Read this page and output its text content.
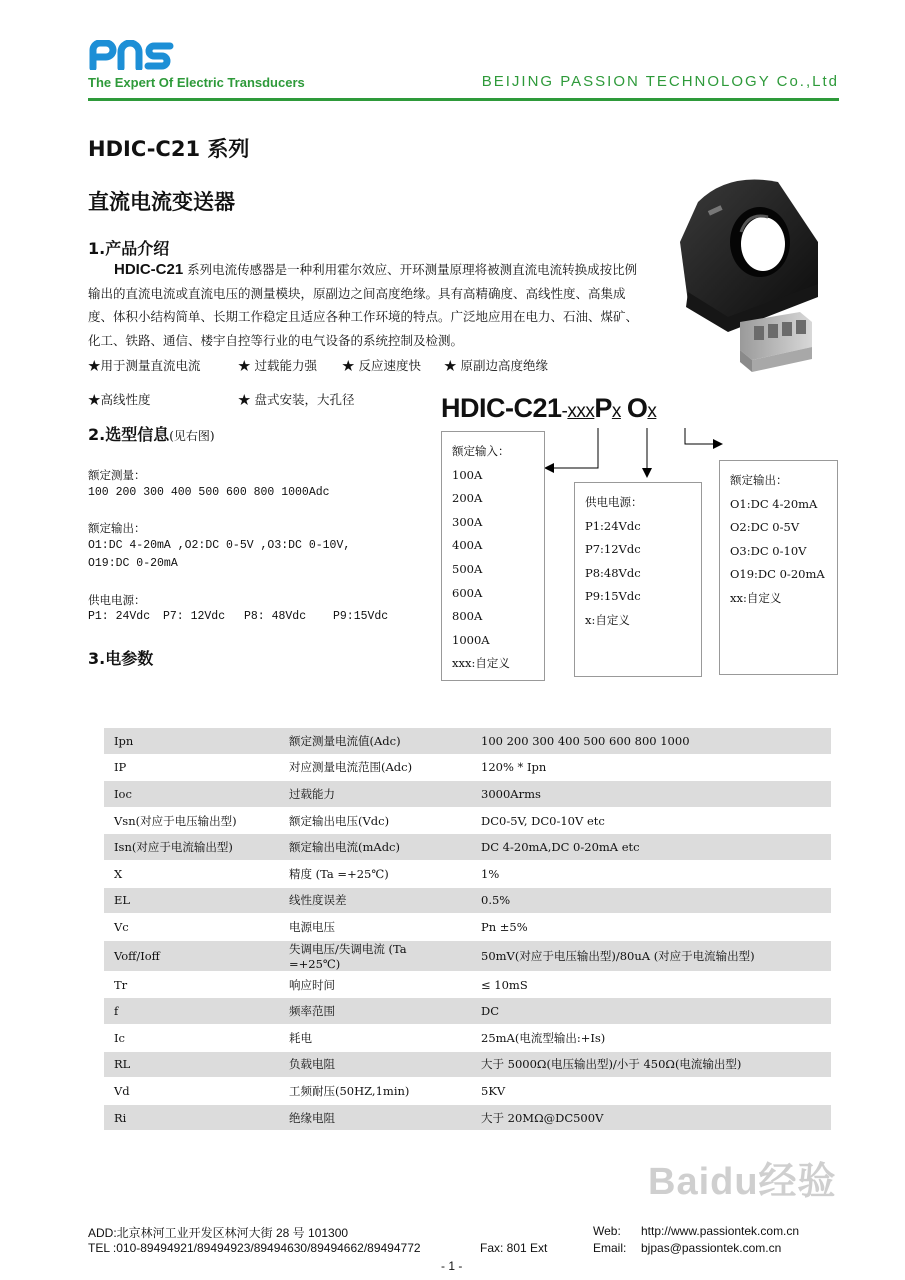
The Expert Of Electric Transducers	BEIJING PASSION TECHNOLOGY Co.,Ltd
HDIC-C21 系列
直流电流变送器
1.产品介绍
HDIC-C21 系列电流传感器是一种利用霍尔效应、开环测量原理将被测直流电流转换成按比例输出的直流电流或直流电压的测量模块，原副边之间高度绝缘。具有高精确度、高线性度、高集成度、体积小结构简单、长期工作稳定且适应各种工作环境的特点。广泛地应用在电力、石油、煤矿、化工、铁路、通信、楼宇自控等行业的电气设备的系统控制及检测。
★用于测量直流电流	★ 过载能力强 ★ 反应速度快 ★ 原副边高度绝缘
★高线性度	★ 盘式安装，大孔径
2.选型信息(见右图)
额定测量：
100 200 300 400 500 600 800 1000Adc
额定输出：
O1:DC 4-20mA ,O2:DC 0-5V ,O3:DC 0-10V,
O19:DC 0-20mA
供电电源：
P1: 24Vdc P7: 12Vdc P8: 48Vdc P9:15Vdc
HDIC-C21-xxxPx Ox
额定输入：
100A
200A
300A
400A
500A
600A
800A
1000A
xxx:自定义
供电电源：
P1:24Vdc
P7:12Vdc
P8:48Vdc
P9:15Vdc
x:自定义
额定输出：
O1:DC 4-20mA
O2:DC 0-5V
O3:DC 0-10V
O19:DC 0-20mA
xx:自定义
3.电参数
Ipn	额定测量电流值(Adc)	100 200 300 400 500 600 800 1000
IP	对应测量电流范围(Adc)	120% * Ipn
Ioc	过载能力	3000Arms
Vsn(对应于电压输出型)	额定输出电压(Vdc)	DC0-5V, DC0-10V etc
Isn(对应于电流输出型)	额定输出电流(mAdc)	DC 4-20mA,DC 0-20mA etc
X	精度 (Ta =+25℃)	1%
EL	线性度误差	0.5%
Vc	电源电压	Pn ±5%
Voff/Ioff	失调电压/失调电流 (Ta =+25℃)	50mV(对应于电压输出型)/80uA (对应于电流输出型)
Tr	响应时间	≤ 10mS
f	频率范围	DC
Ic	耗电	25mA(电流型输出:+Is)
RL	负载电阻	大于 5000Ω(电压输出型)/小于 450Ω(电流输出型)
Vd	工频耐压(50HZ,1min)	5KV
Ri	绝缘电阻	大于 20MΩ@DC500V
Baidu经验
ADD:北京林河工业开发区林河大街 28 号 101300
TEL :010-89494921/89494923/89494630/89494662/89494772	Fax: 801 Ext
Web: http://www.passiontek.com.cn
Email: bjpas@passiontek.com.cn
- 1 -
